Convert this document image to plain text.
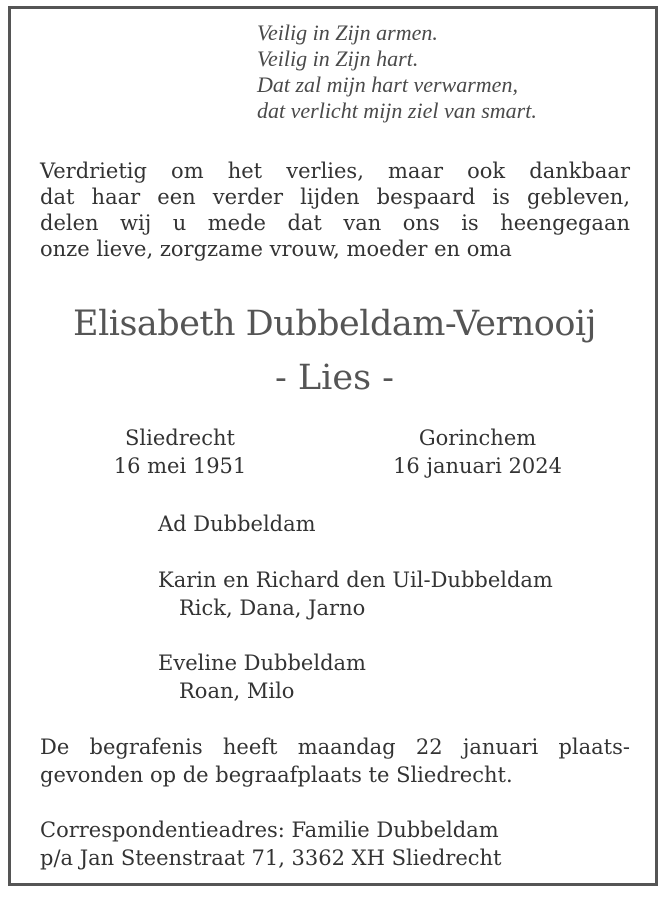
Veilig in Zijn armen.
Veilig in Zijn hart.
Dat zal mijn hart verwarmen,
dat verlicht mijn ziel van smart.
Verdrietig om het verlies, maar ook dankbaar
dat haar een verder lijden bespaard is gebleven,
delen wij u mede dat van ons is heengegaan
onze lieve, zorgzame vrouw, moeder en oma
Elisabeth Dubbeldam-Vernooij
- Lies -
Sliedrecht
16 mei 1951
Gorinchem
16 januari 2024
Ad Dubbeldam
Karin en Richard den Uil-Dubbeldam
Rick, Dana, Jarno
Eveline Dubbeldam
Roan, Milo
De begrafenis heeft maandag 22 januari plaats-
gevonden op de begraafplaats te Sliedrecht.
Correspondentieadres: Familie Dubbeldam
p/a Jan Steenstraat 71, 3362 XH Sliedrecht
